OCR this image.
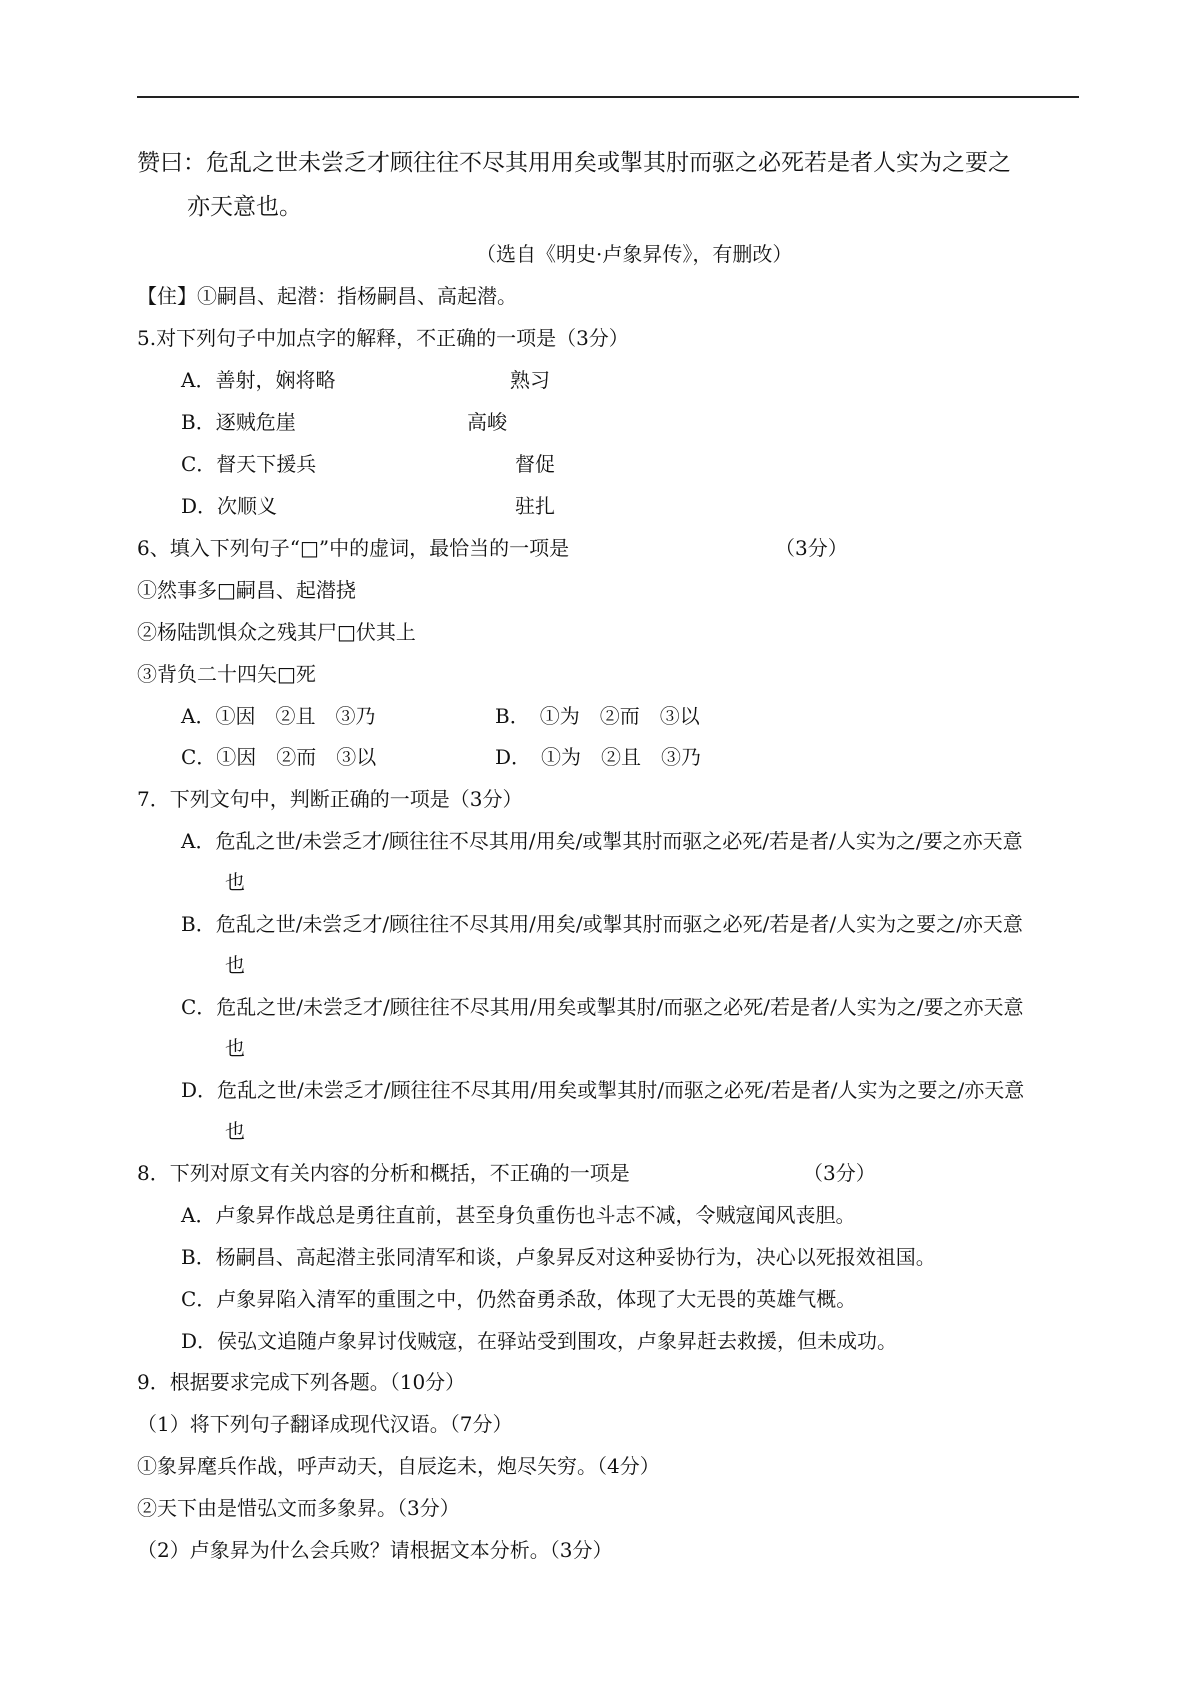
赞曰：危乱之世未尝乏才顾往往不尽其用用矣或掣其肘而驱之必死若是者人实为之要之
亦天意也。
（选自《明史·卢象昇传》，有删改）
【住】①嗣昌、起潜：指杨嗣昌、高起潜。
5.对下列句子中加点字的解释，不正确的一项是（3分）
A．善射，娴将略	熟习
B．逐贼危崖	高峻
C．督天下援兵	督促
D．次顺义	驻扎
6、填入下列句子“□”中的虚词，最恰当的一项是	（3分）
①然事多□嗣昌、起潜挠
②杨陆凯惧众之残其尸□伏其上
③背负二十四矢□死
A．①因　②且　③乃	B．　①为　②而　③以
C．①因　②而　③以	D．　①为　②且　③乃
7．下列文句中，判断正确的一项是（3分）
A．危乱之世/未尝乏才/顾往往不尽其用/用矣/或掣其肘而驱之必死/若是者/人实为之/要之亦天意
也
B．危乱之世/未尝乏才/顾往往不尽其用/用矣/或掣其肘而驱之必死/若是者/人实为之要之/亦天意
也
C．危乱之世/未尝乏才/顾往往不尽其用/用矣或掣其肘/而驱之必死/若是者/人实为之/要之亦天意
也
D．危乱之世/未尝乏才/顾往往不尽其用/用矣或掣其肘/而驱之必死/若是者/人实为之要之/亦天意
也
8．下列对原文有关内容的分析和概括，不正确的一项是	（3分）
A．卢象昇作战总是勇往直前，甚至身负重伤也斗志不减，令贼寇闻风丧胆。
B．杨嗣昌、高起潜主张同清军和谈，卢象昇反对这种妥协行为，决心以死报效祖国。
C．卢象昇陷入清军的重围之中，仍然奋勇杀敌，体现了大无畏的英雄气概。
D．侯弘文追随卢象昇讨伐贼寇，在驿站受到围攻，卢象昇赶去救援，但未成功。
9．根据要求完成下列各题。（10分）
（1）将下列句子翻译成现代汉语。（7分）
①象昇麾兵作战，呼声动天，自辰迄未，炮尽矢穷。（4分）
②天下由是惜弘文而多象昇。（3分）
（2）卢象昇为什么会兵败？请根据文本分析。（3分）
